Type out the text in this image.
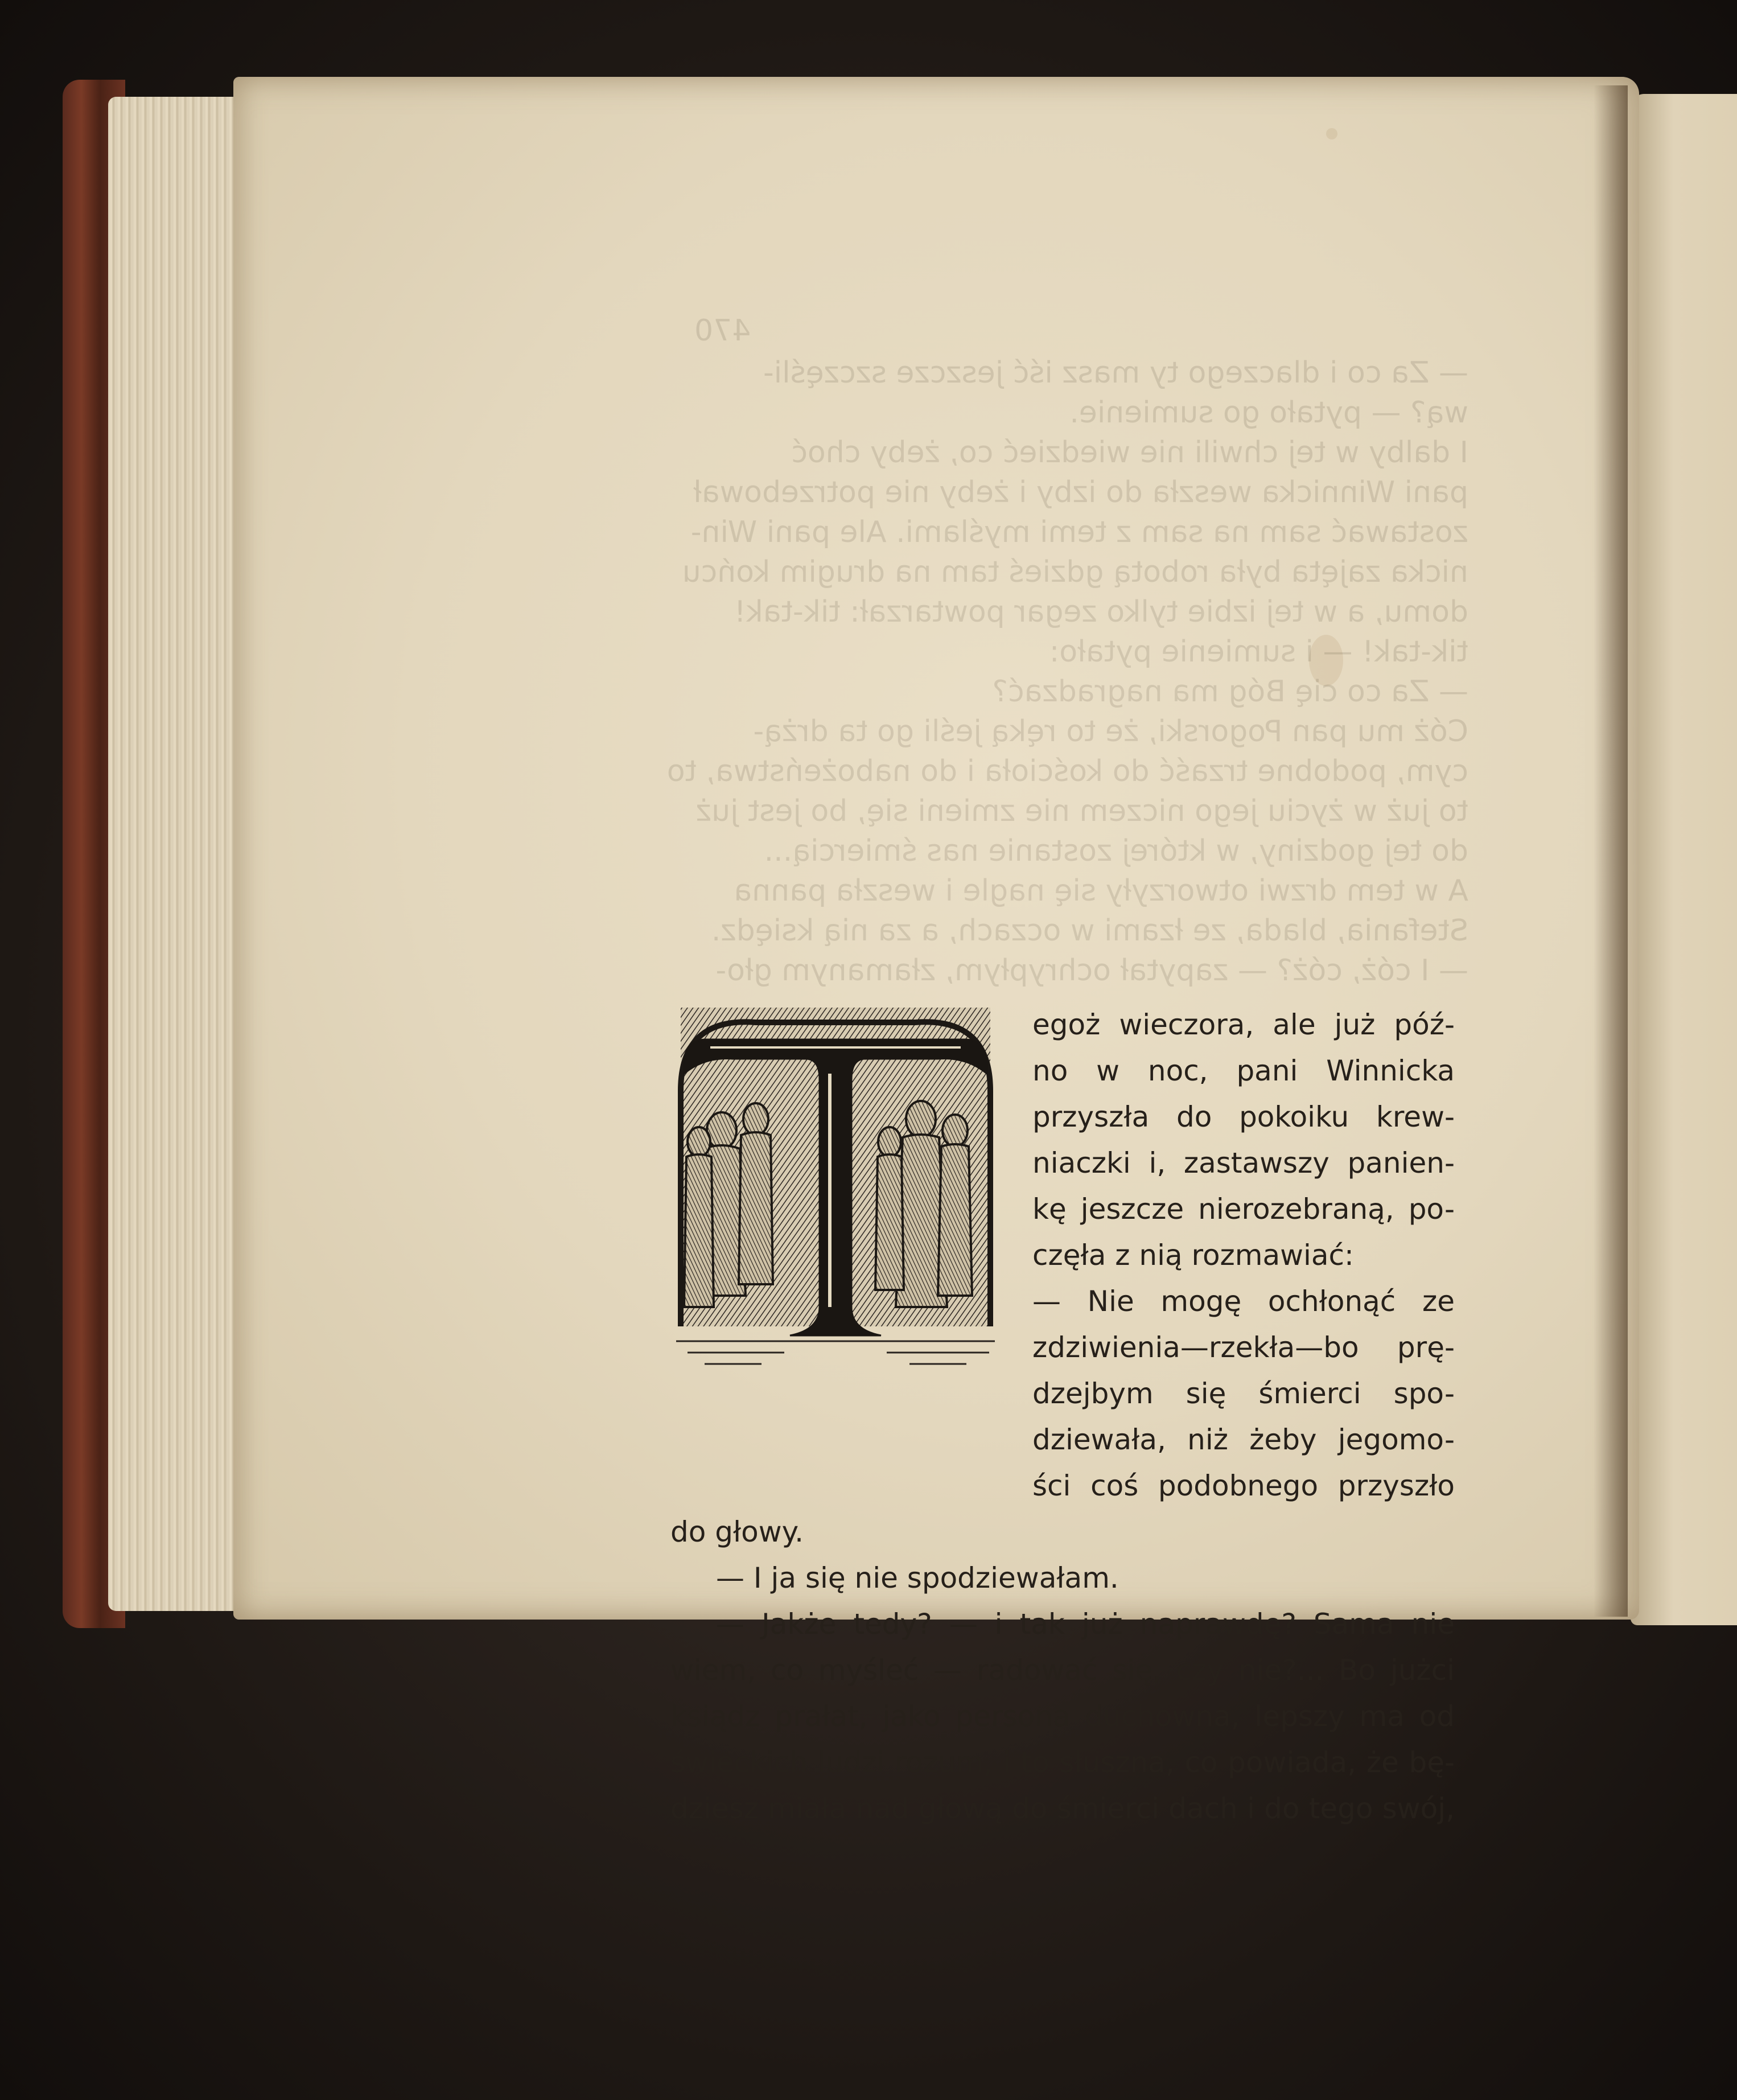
470

— Za co i dlaczego ty masz iść jeszcze szczęśli-

wą? — pytało go sumienie.

I dalby w tej chwili nie wiedzieć co, żeby choć

pani Winnicka weszła do izby i żeby nie potrzebował

zostawać sam na sam z temi myślami. Ale pani Win-

nicka zajęta była robotą gdzieś tam na drugim końcu

domu, a w tej izbie tylko zegar powtarzał: tik-tak!

tik-tak! — i sumienie pytało:

— Za co cię Bóg ma nagradzać?

Cóż mu pan Pogorski, że to ręką jeśli go ta drżą-

cym, podobne trzaść do kościoła i do nabożeństwa, to

to już w życiu jego niczem nie zmieni się, bo jest już

do tej godziny, w której zostanie nas śmiercią...

A w tem drzwi otworzyły się nagle i weszła panna

Stefania, blada, ze łzami w oczach, a za nią księdz.

— I cóż, cóż? — zapytał ochrypłym, złamanym gło-

egoż wieczora, ale już póź-
no w noc, pani Winnicka
przyszła do pokoiku krew-
niaczki i, zastawszy panien-
kę jeszcze nierozebraną, po-
częła z nią rozmawiać:
— Nie mogę ochłonąć ze
zdziwienia—rzekła—bo prę-
dzejbym się śmierci spo-
dziewała, niż żeby jegomo-
ści coś podobnego przyszło
do głowy.
— I ja się nie spodziewałam.
— Jakże tedy? — i tak już naprawdę? Sama nie
wiem, co myśleć — radować się, czy nie?... Bo jużci
ksiądz prałat, jako persona duchowna, lepszy ma od
świeckich ludzi rozum, i to słuszna, co powiada, że bę-
dziesz miała nad głową do śmierci dach i do tego swój,
